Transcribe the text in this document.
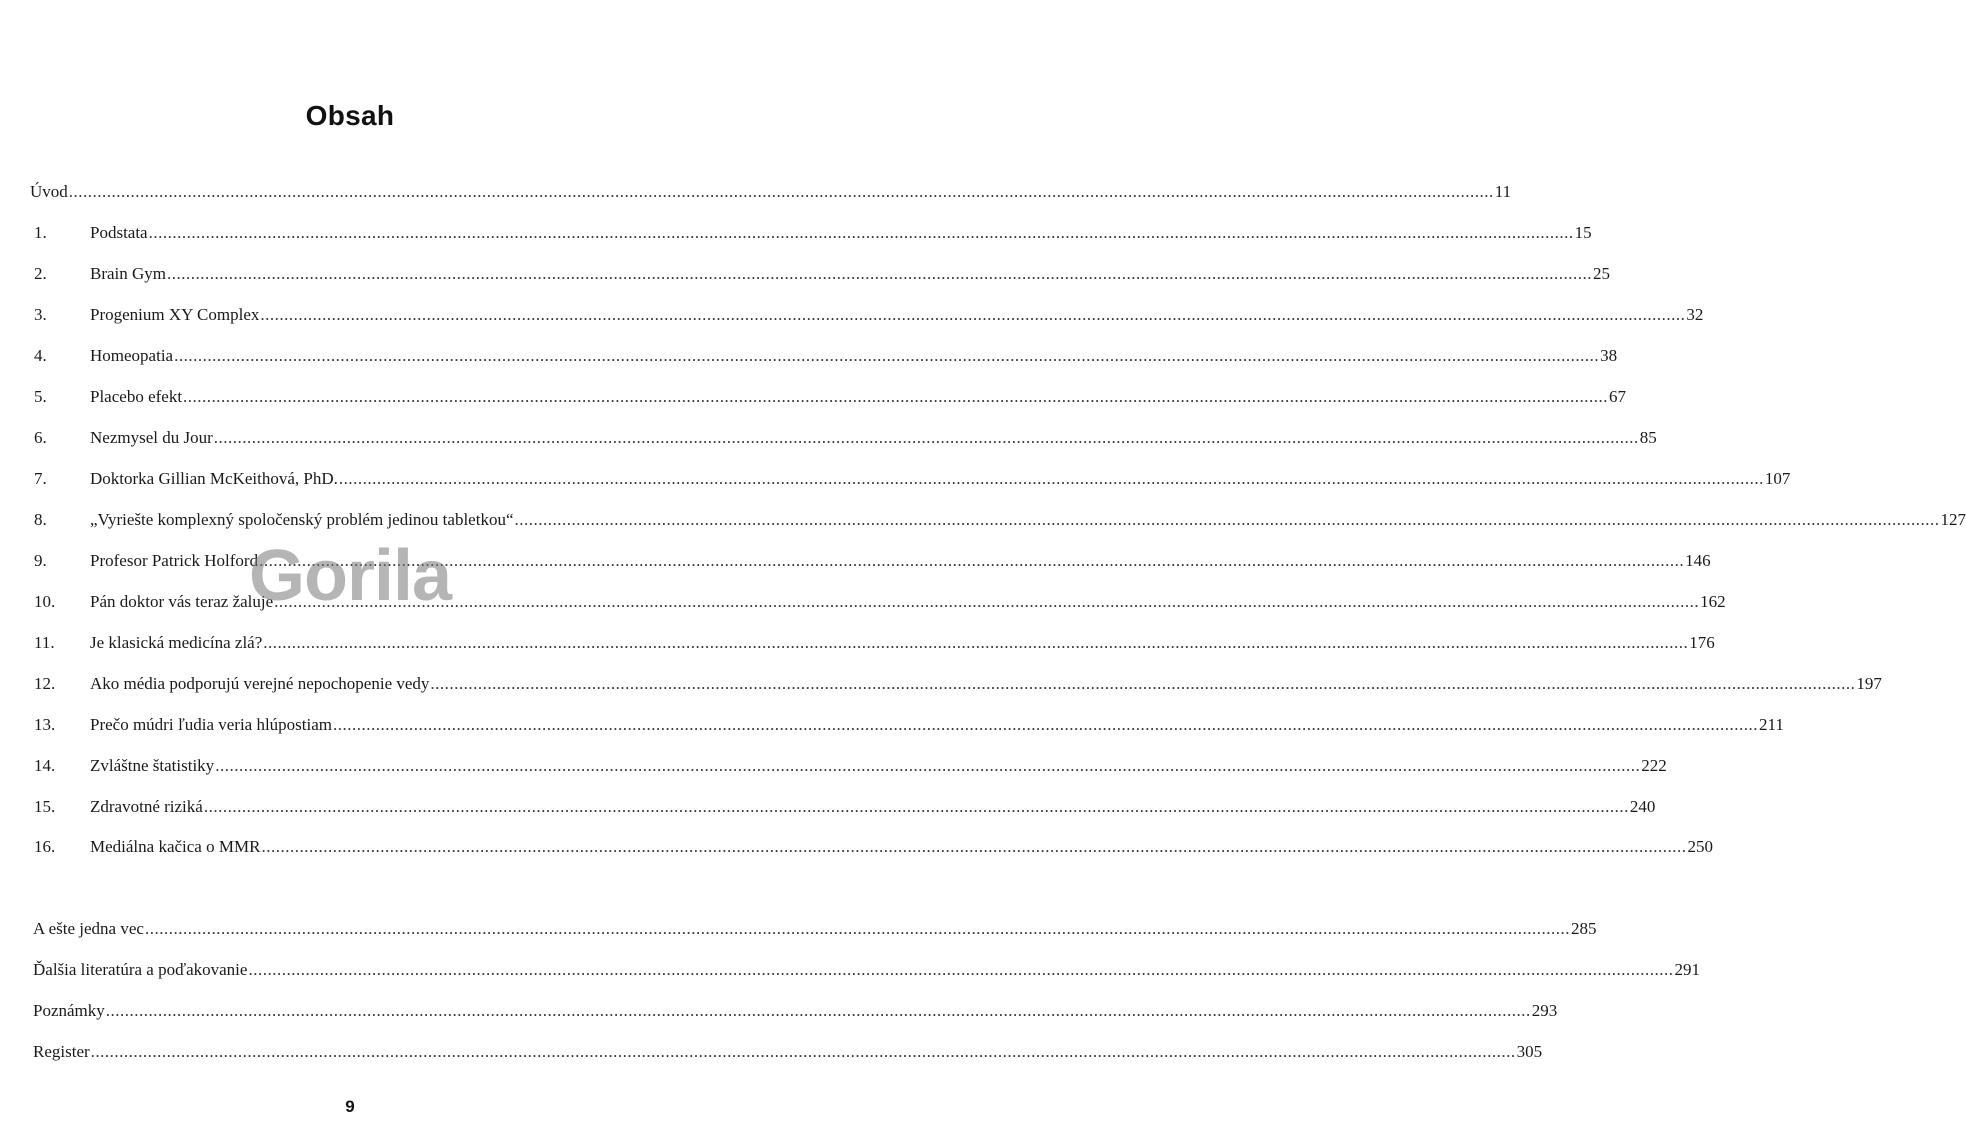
Obsah
Úvod ............................................................................................................................................................................................................................................................................................................ 11
1.	Podstata ............................................................................................................................................................................................................................................................................................................ 15
2.	Brain Gym ............................................................................................................................................................................................................................................................................................................ 25
3.	Progenium XY Complex ............................................................................................................................................................................................................................................................................................................ 32
4.	Homeopatia ............................................................................................................................................................................................................................................................................................................ 38
5.	Placebo efekt ............................................................................................................................................................................................................................................................................................................ 67
6.	Nezmysel du Jour ............................................................................................................................................................................................................................................................................................................ 85
7.	Doktorka Gillian McKeithová, PhD. ............................................................................................................................................................................................................................................................................................................ 107
8.	„Vyriešte komplexný spoločenský problém jedinou tabletkou“ ............................................................................................................................................................................................................................................................................................................ 127
9.	Profesor Patrick Holford ............................................................................................................................................................................................................................................................................................................ 146
10.	Pán doktor vás teraz žaluje ............................................................................................................................................................................................................................................................................................................ 162
11.	Je klasická medicína zlá? ............................................................................................................................................................................................................................................................................................................ 176
12.	Ako média podporujú verejné nepochopenie vedy ............................................................................................................................................................................................................................................................................................................ 197
13.	Prečo múdri ľudia veria hlúpostiam ............................................................................................................................................................................................................................................................................................................ 211
14.	Zvláštne štatistiky ............................................................................................................................................................................................................................................................................................................ 222
15.	Zdravotné riziká ............................................................................................................................................................................................................................................................................................................ 240
16.	Mediálna kačica o MMR ............................................................................................................................................................................................................................................................................................................ 250
A ešte jedna vec ............................................................................................................................................................................................................................................................................................................ 285
Ďalšia literatúra a poďakovanie ............................................................................................................................................................................................................................................................................................................ 291
Poznámky ............................................................................................................................................................................................................................................................................................................ 293
Register ............................................................................................................................................................................................................................................................................................................ 305
Gorila
9
